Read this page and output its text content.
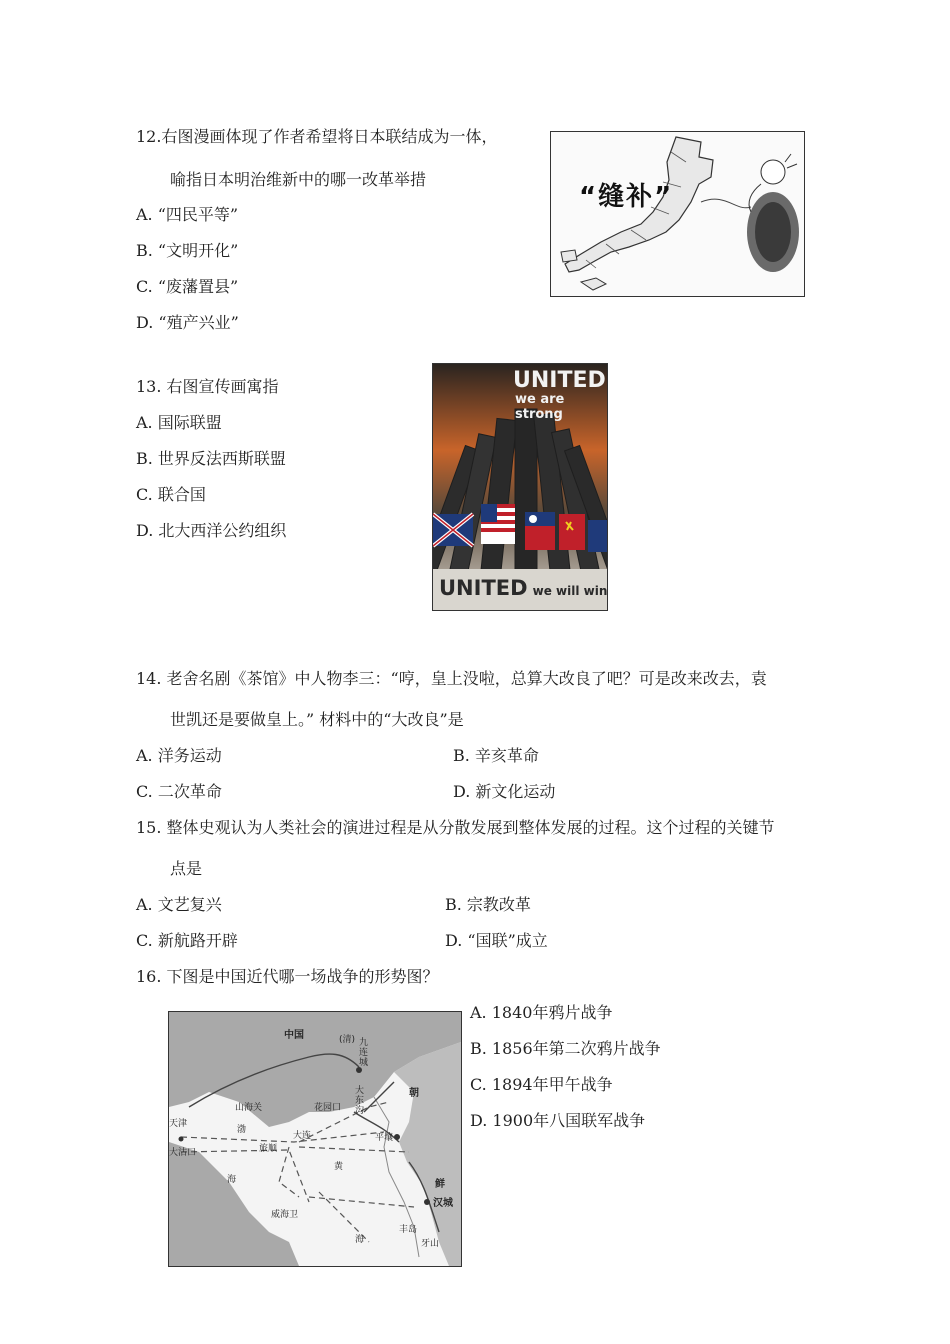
12.右图漫画体现了作者希望将日本联结成为一体，
喻指日本明治维新中的哪一改革举措
A. “四民平等”
B. “文明开化”
C. “废藩置县”
D. “殖产兴业”
“缝补”
13. 右图宣传画寓指
A. 国际联盟
B. 世界反法西斯联盟
C. 联合国
D. 北大西洋公约组织
UNITED
we are strong
UNITED we will win
14. 老舍名剧《茶馆》中人物李三：“哼，皇上没啦，总算大改良了吧？可是改来改去，袁
世凯还是要做皇上。” 材料中的“大改良”是
A. 洋务运动	B. 辛亥革命
C. 二次革命	D. 新文化运动
15. 整体史观认为人类社会的演进过程是从分散发展到整体发展的过程。这个过程的关键节
点是
A. 文艺复兴	B. 宗教改革
C. 新航路开辟	D. “国联”成立
16. 下图是中国近代哪一场战争的形势图？
A. 1840年鸦片战争
B. 1856年第二次鸦片战争
C. 1894年甲午战争
D. 1900年八国联军战争
中国	(清) 九连城
朝
天津
大沽口
山海关	花园口
大东沟
旅顺
大连
渤
海
平壤
黄
海
威海卫
汉城
鲜
丰岛
牙山
